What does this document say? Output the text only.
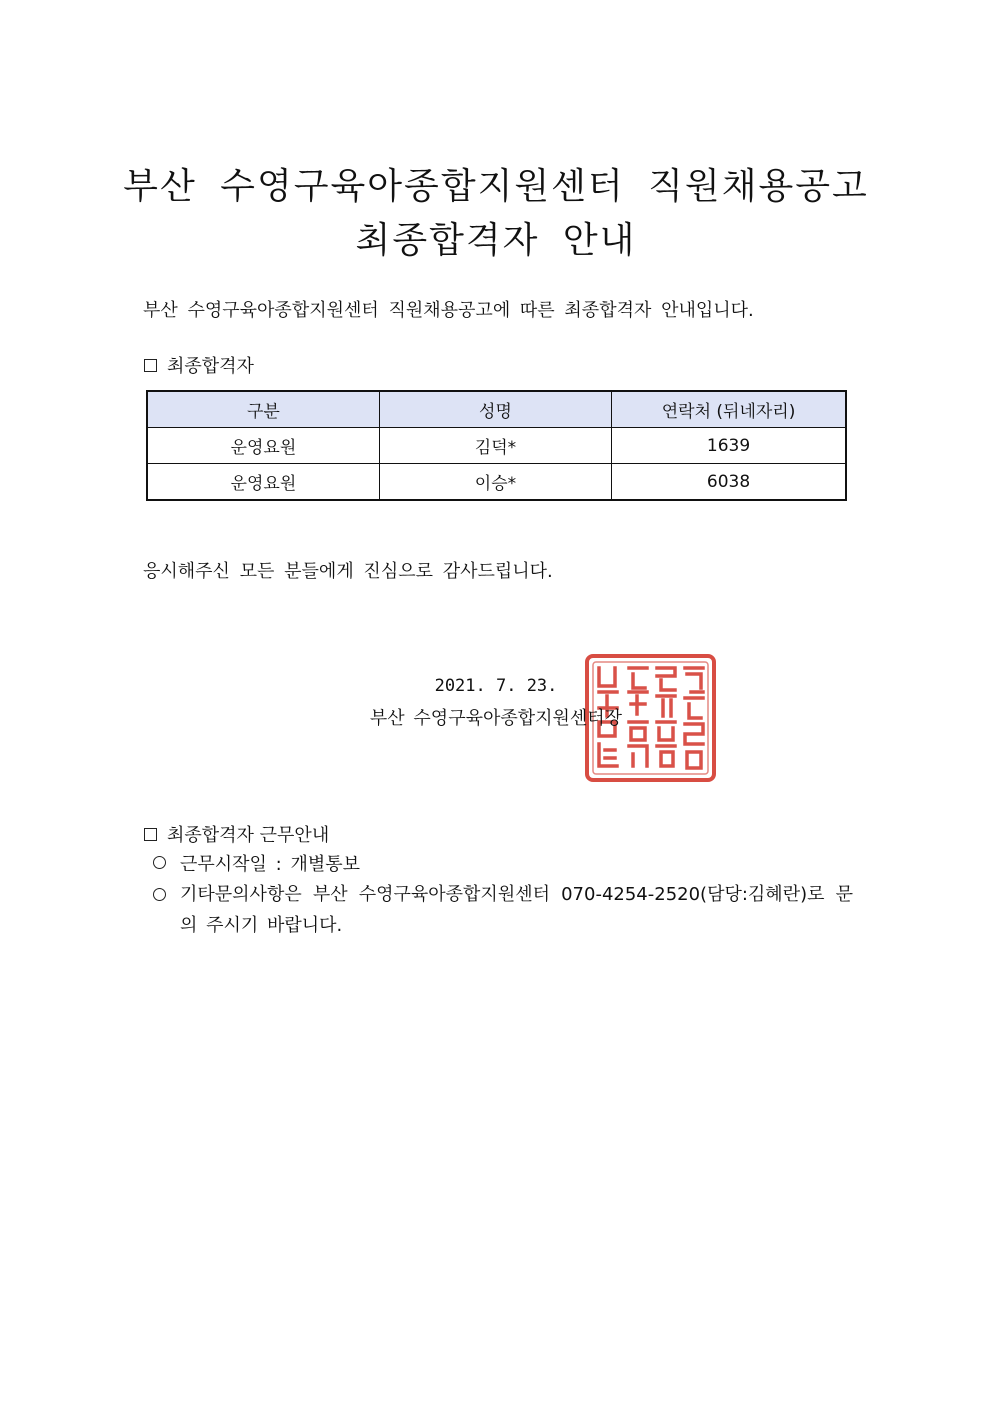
부산 수영구육아종합지원센터 직원채용공고
최종합격자 안내
부산 수영구육아종합지원센터 직원채용공고에 따른 최종합격자 안내입니다.
최종합격자
구분	성명	연락처 (뒤네자리)
운영요원	김덕*	1639
운영요원	이승*	6038
응시해주신 모든 분들에게 진심으로 감사드립니다.
2021. 7. 23.
부산 수영구육아종합지원센터장
최종합격자 근무안내
근무시작일 : 개별통보
기타문의사항은 부산 수영구육아종합지원센터 070-4254-2520(담당:김혜란)로 문의 주시기 바랍니다.
